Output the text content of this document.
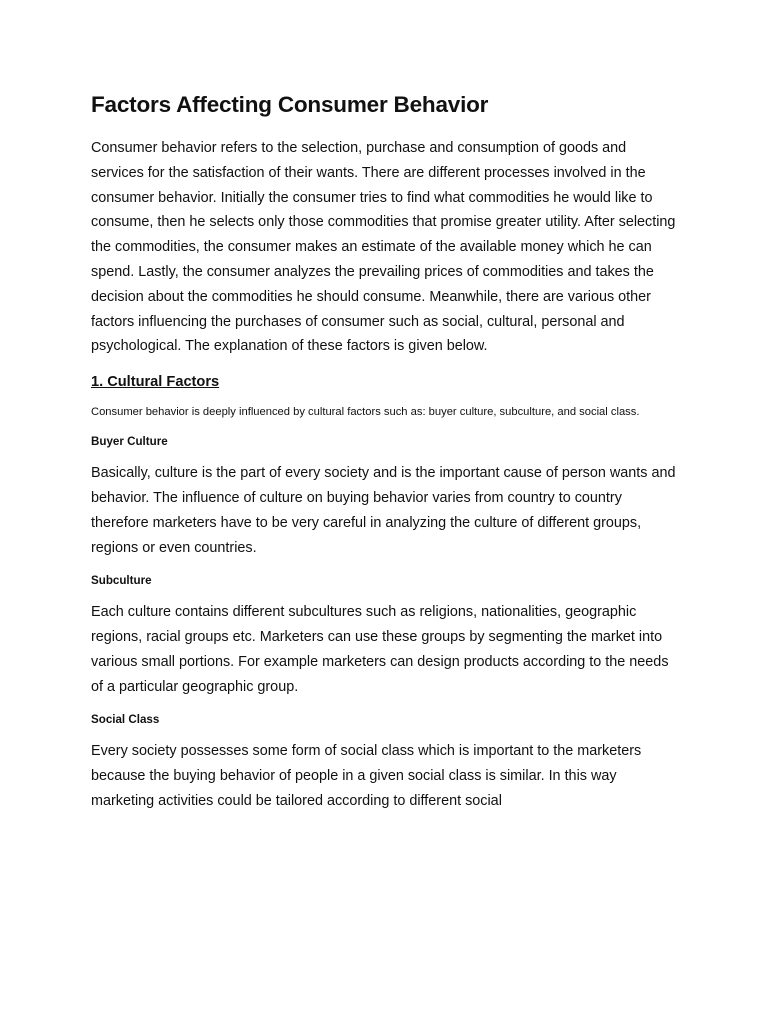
Factors Affecting Consumer Behavior

Consumer behavior refers to the selection, purchase and consumption of goods and services for the satisfaction of their wants. There are different processes involved in the consumer behavior. Initially the consumer tries to find what commodities he would like to consume, then he selects only those commodities that promise greater utility. After selecting the commodities, the consumer makes an estimate of the available money which he can spend. Lastly, the consumer analyzes the prevailing prices of commodities and takes the decision about the commodities he should consume. Meanwhile, there are various other factors influencing the purchases of consumer such as social, cultural, personal and psychological. The explanation of these factors is given below.

1. Cultural Factors

Consumer behavior is deeply influenced by cultural factors such as: buyer culture, subculture, and social class.

Buyer Culture

Basically, culture is the part of every society and is the important cause of person wants and behavior. The influence of culture on buying behavior varies from country to country therefore marketers have to be very careful in analyzing the culture of different groups, regions or even countries.

Subculture

Each culture contains different subcultures such as religions, nationalities, geographic regions, racial groups etc. Marketers can use these groups by segmenting the market into various small portions. For example marketers can design products according to the needs of a particular geographic group.

Social Class

Every society possesses some form of social class which is important to the marketers because the buying behavior of people in a given social class is similar. In this way marketing activities could be tailored according to different social
